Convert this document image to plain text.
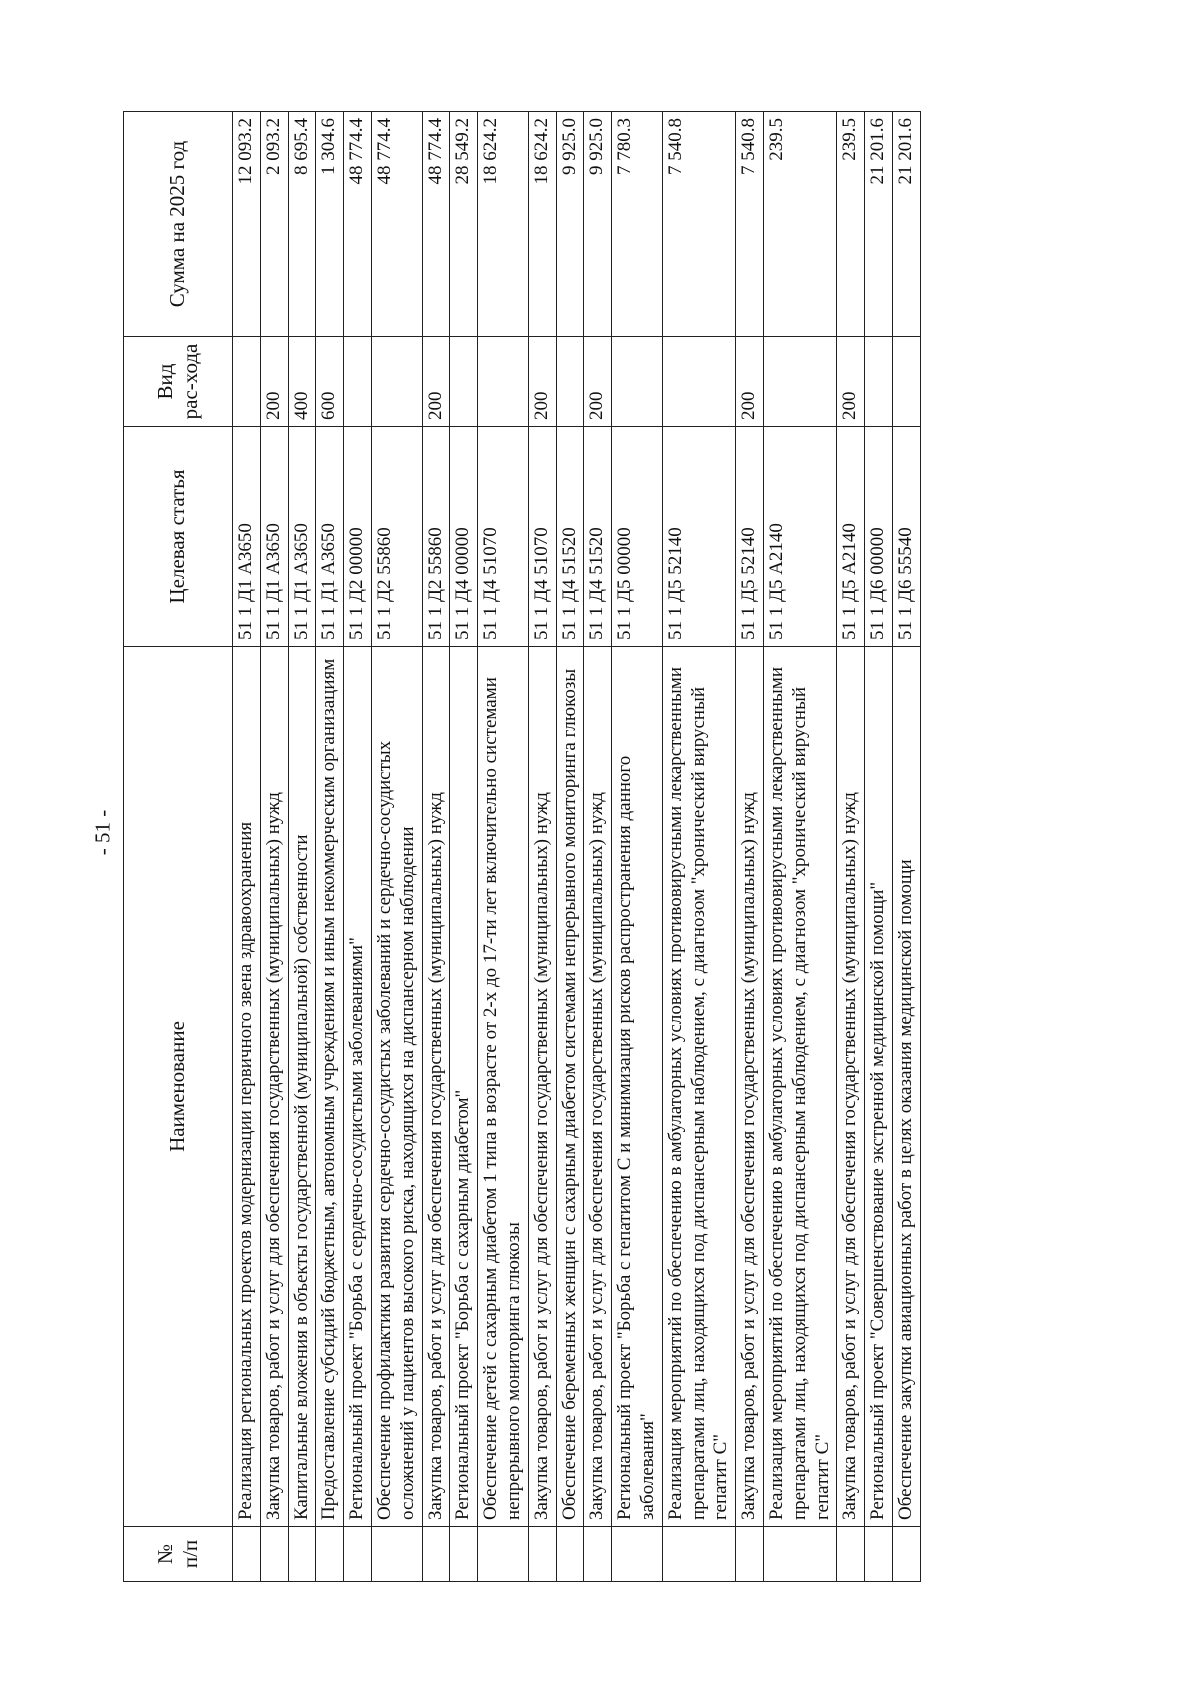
- 51 -
№ п/п	Наименование	Целевая статья	Вид рас-хода	Сумма на 2025 год
	Реализация региональных проектов модернизации первичного звена здравоохранения	51 1 Д1 А3650		12 093.2
	Закупка товаров, работ и услуг для обеспечения государственных (муниципальных) нужд	51 1 Д1 А3650	200	2 093.2
	Капитальные вложения в объекты государственной (муниципальной) собственности	51 1 Д1 А3650	400	8 695.4
	Предоставление субсидий бюджетным, автономным учреждениям и иным некоммерческим организациям	51 1 Д1 А3650	600	1 304.6
	Региональный проект "Борьба с сердечно-сосудистыми заболеваниями"	51 1 Д2 00000		48 774.4
	Обеспечение профилактики развития сердечно-сосудистых заболеваний и сердечно-сосудистых осложнений у пациентов высокого риска, находящихся на диспансерном наблюдении	51 1 Д2 55860		48 774.4
	Закупка товаров, работ и услуг для обеспечения государственных (муниципальных) нужд	51 1 Д2 55860	200	48 774.4
	Региональный проект "Борьба с сахарным диабетом"	51 1 Д4 00000		28 549.2
	Обеспечение детей с сахарным диабетом 1 типа в возрасте от 2-х до 17-ти лет включительно системами непрерывного мониторинга глюкозы	51 1 Д4 51070		18 624.2
	Закупка товаров, работ и услуг для обеспечения государственных (муниципальных) нужд	51 1 Д4 51070	200	18 624.2
	Обеспечение беременных женщин с сахарным диабетом системами непрерывного мониторинга глюкозы	51 1 Д4 51520		9 925.0
	Закупка товаров, работ и услуг для обеспечения государственных (муниципальных) нужд	51 1 Д4 51520	200	9 925.0
	Региональный проект "Борьба с гепатитом С и минимизация рисков распространения данного заболевания"	51 1 Д5 00000		7 780.3
	Реализация мероприятий по обеспечению в амбулаторных условиях противовирусными лекарственными препаратами лиц, находящихся под диспансерным наблюдением, с диагнозом "хронический вирусный гепатит С"	51 1 Д5 52140		7 540.8
	Закупка товаров, работ и услуг для обеспечения государственных (муниципальных) нужд	51 1 Д5 52140	200	7 540.8
	Реализация мероприятий по обеспечению в амбулаторных условиях противовирусными лекарственными препаратами лиц, находящихся под диспансерным наблюдением, с диагнозом "хронический вирусный гепатит С"	51 1 Д5 А2140		239.5
	Закупка товаров, работ и услуг для обеспечения государственных (муниципальных) нужд	51 1 Д5 А2140	200	239.5
	Региональный проект "Совершенствование экстренной медицинской помощи"	51 1 Д6 00000		21 201.6
	Обеспечение закупки авиационных работ в целях оказания медицинской помощи	51 1 Д6 55540		21 201.6
